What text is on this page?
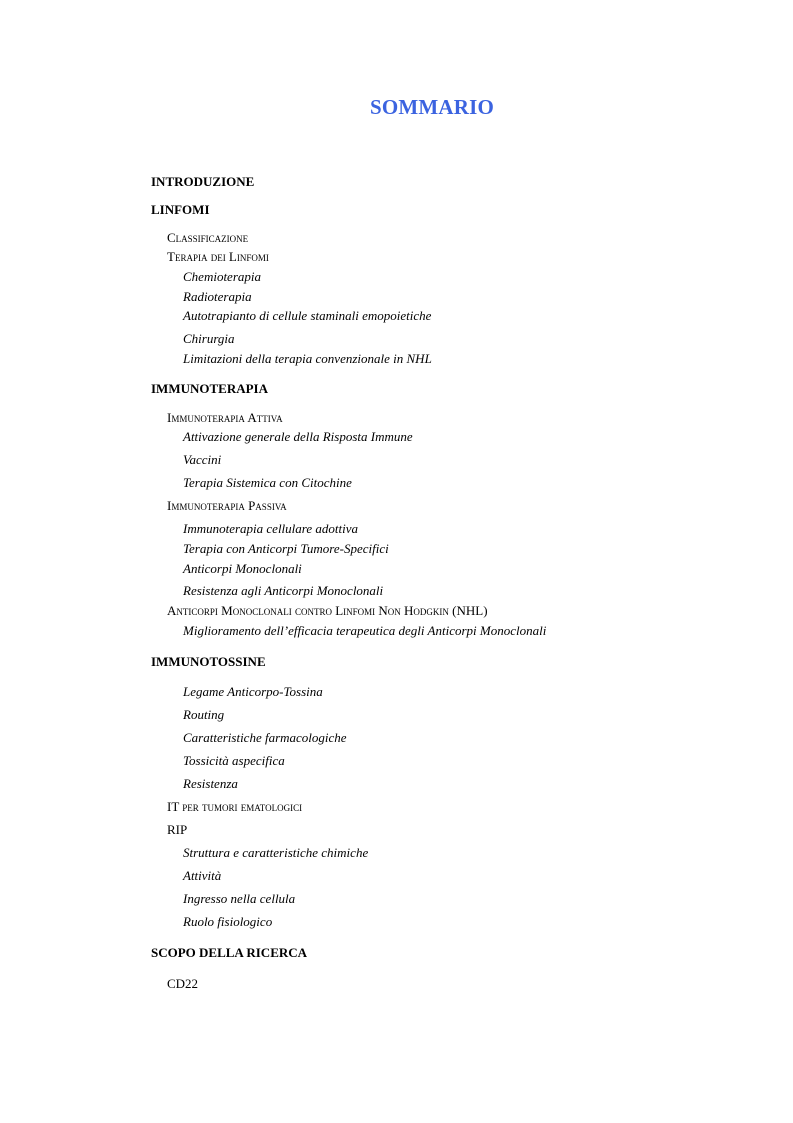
SOMMARIO
INTRODUZIONE
LINFOMI
Classificazione
Terapia dei Linfomi
Chemioterapia
Radioterapia
Autotrapianto di cellule staminali emopoietiche
Chirurgia
Limitazioni della terapia convenzionale in NHL
IMMUNOTERAPIA
Immunoterapia Attiva
Attivazione generale della Risposta Immune
Vaccini
Terapia Sistemica con Citochine
Immunoterapia Passiva
Immunoterapia cellulare adottiva
Terapia con Anticorpi Tumore-Specifici
Anticorpi Monoclonali
Resistenza agli Anticorpi Monoclonali
Anticorpi Monoclonali contro Linfomi Non Hodgkin (NHL)
Miglioramento dell’efficacia terapeutica degli Anticorpi Monoclonali
IMMUNOTOSSINE
Legame Anticorpo-Tossina
Routing
Caratteristiche farmacologiche
Tossicità aspecifica
Resistenza
IT per tumori ematologici
RIP
Struttura e caratteristiche chimiche
Attività
Ingresso nella cellula
Ruolo fisiologico
SCOPO DELLA RICERCA
CD22
